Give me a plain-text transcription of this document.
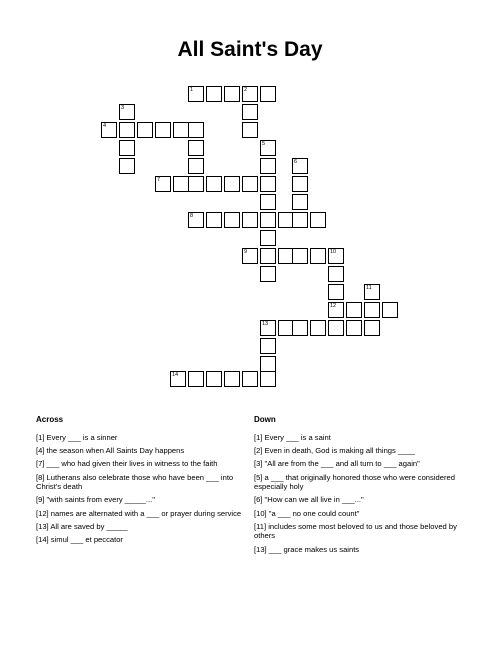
All Saint's Day
1	2
3
4
5
6
7
8
9	10
11
12
13
14
Across
[1] Every ___ is a sinner
[4] the season when All Saints Day happens
[7] ___ who had given their lives in witness to the faith
[8] Lutherans also celebrate those who have been ___ into Christ's death
[9] "with saints from every _____..."
[12] names are alternated with a ___ or prayer during service
[13] All are saved by _____
[14] simul ___ et peccator
Down
[1] Every ___ is a saint
[2] Even in death, God is making all things ____
[3] "All are from the ___ and all turn to ___ again"
[5] a ___ that originally honored those who were considered especially holy
[6] "How can we all live in ___..."
[10] "a ___ no one could count"
[11] includes some most beloved to us and those beloved by others
[13] ___ grace makes us saints
